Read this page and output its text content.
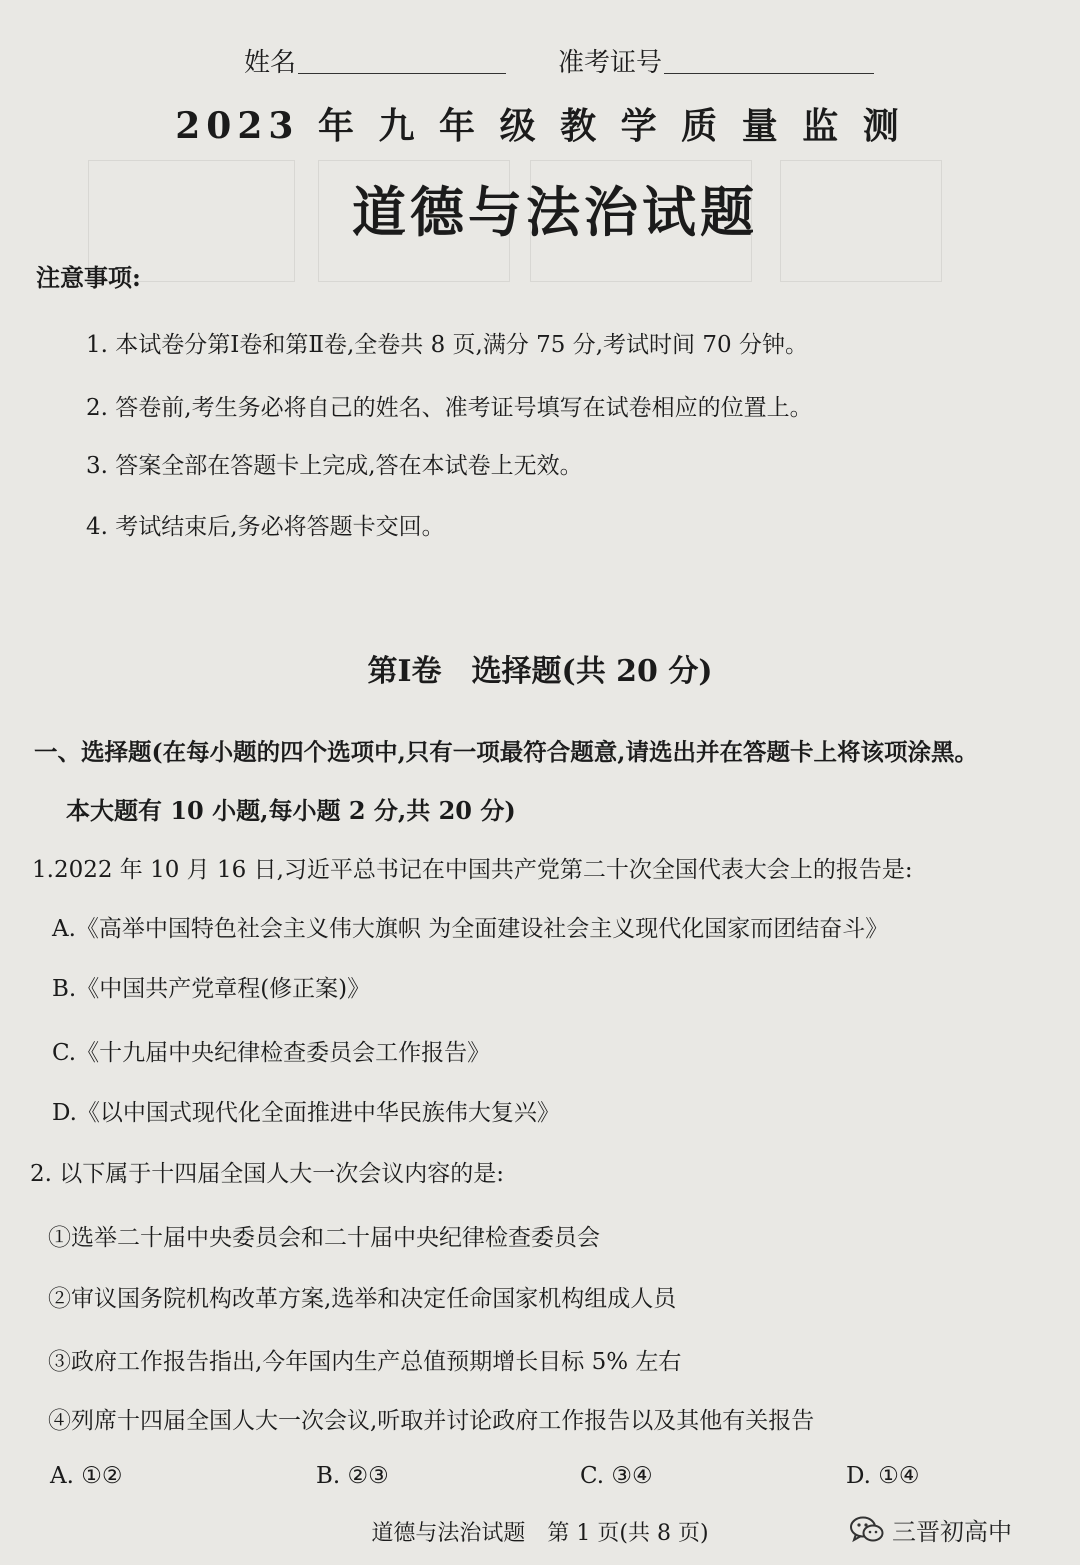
姓名	准考证号
2023 年 九 年 级 教 学 质 量 监 测
道德与法治试题
注意事项:
1. 本试卷分第Ⅰ卷和第Ⅱ卷,全卷共 8 页,满分 75 分,考试时间 70 分钟。
2. 答卷前,考生务必将自己的姓名、准考证号填写在试卷相应的位置上。
3. 答案全部在答题卡上完成,答在本试卷上无效。
4. 考试结束后,务必将答题卡交回。
第Ⅰ卷　选择题(共 20 分)
一、选择题(在每小题的四个选项中,只有一项最符合题意,请选出并在答题卡上将该项涂黑。
本大题有 10 小题,每小题 2 分,共 20 分)
1.2022 年 10 月 16 日,习近平总书记在中国共产党第二十次全国代表大会上的报告是:
A.《高举中国特色社会主义伟大旗帜 为全面建设社会主义现代化国家而团结奋斗》
B.《中国共产党章程(修正案)》
C.《十九届中央纪律检查委员会工作报告》
D.《以中国式现代化全面推进中华民族伟大复兴》
2. 以下属于十四届全国人大一次会议内容的是:
①选举二十届中央委员会和二十届中央纪律检查委员会
②审议国务院机构改革方案,选举和决定任命国家机构组成人员
③政府工作报告指出,今年国内生产总值预期增长目标 5% 左右
④列席十四届全国人大一次会议,听取并讨论政府工作报告以及其他有关报告
A. ①②	B. ②③	C. ③④	D. ①④
道德与法治试题　第 1 页(共 8 页)	三晋初高中
